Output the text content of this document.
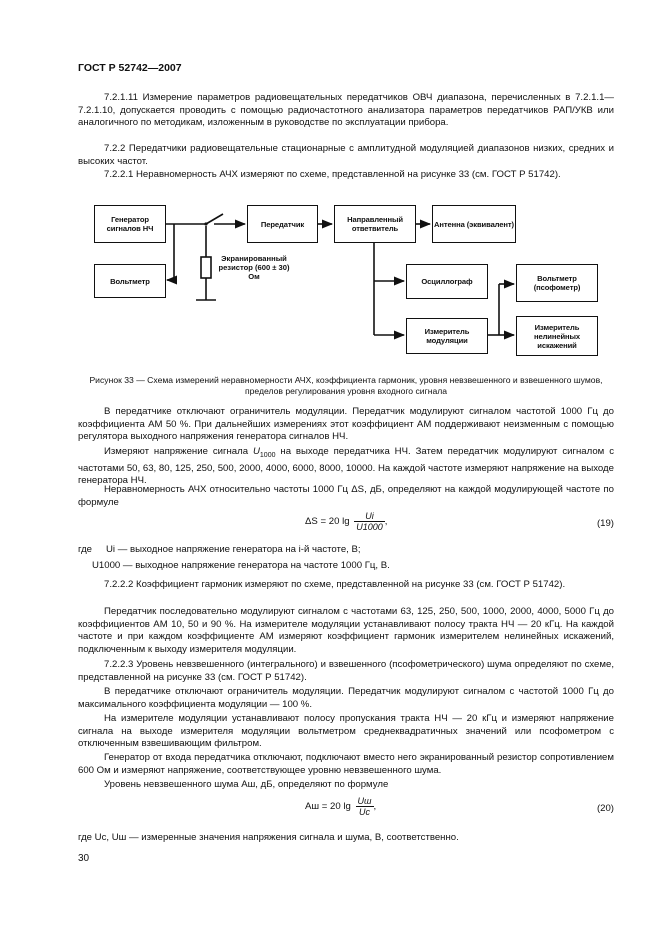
ГОСТ Р 52742—2007

7.2.1.11 Измерение параметров радиовещательных передатчиков ОВЧ диапазона, перечисленных в 7.2.1.1—7.2.1.10, допускается проводить с помощью радиочастотного анализатора параметров передатчиков РАП/УКВ или аналогичного по методикам, изложенным в руководстве по эксплуатации прибора.

7.2.2 Передатчики радиовещательные стационарные с амплитудной модуляцией диапазонов низких, средних и высоких частот.

7.2.2.1 Неравномерность АЧХ измеряют по схеме, представленной на рисунке 33 (см. ГОСТ Р 51742).

Генератор сигналов НЧ	Передатчик	Направленный ответвитель	Антенна (эквивалент)
Вольтметр
Экранированный резистор (600 ± 30) Ом
Осциллограф	Вольтметр (псофометр)
Измеритель модуляции
Измеритель нелинейных искажений
Рисунок 33 — Схема измерений неравномерности АЧХ, коэффициента гармоник, уровня невзвешенного и взвешенного шумов, пределов регулирования уровня входного сигнала

В передатчике отключают ограничитель модуляции. Передатчик модулируют сигналом частотой 1000 Гц до коэффициента АМ 50 %. При дальнейших измерениях этот коэффициент АМ поддерживают неизменным с помощью регулятора выходного напряжения генератора сигналов НЧ.

Измеряют напряжение сигнала $U_{1000}$ на выходе передатчика НЧ. Затем передатчик модулируют сигналом с частотами 50, 63, 80, 125, 250, 500, 2000, 4000, 6000, 8000, 10000. На каждой частоте измеряют напряжение на выходе генератора НЧ.

Неравномерность АЧХ относительно частоты 1000 Гц ΔS, дБ, определяют на каждой модулирующей частоте по формуле

ΔS = 20 $\lg \frac{Ui}{U1000}$ ,	(19)
где Ui — выходное напряжение генератора на i-й частоте, В;
U1000 — выходное напряжение генератора на частоте 1000 Гц, В.

7.2.2.2 Коэффициент гармоник измеряют по схеме, представленной на рисунке 33 (см. ГОСТ Р 51742).

Передатчик последовательно модулируют сигналом с частотами 63, 125, 250, 500, 1000, 2000, 4000, 5000 Гц до коэффициентов АМ 10, 50 и 90 %. На измерителе модуляции устанавливают полосу тракта НЧ — 20 кГц. На каждой частоте и при каждом коэффициенте АМ измеряют коэффициент гармоник измерителем нелинейных искажений, подключенным к выходу измерителя модуляции.

7.2.2.3 Уровень невзвешенного (интегрального) и взвешенного (псофометрического) шума определяют по схеме, представленной на рисунке 33 (см. ГОСТ Р 51742).

В передатчике отключают ограничитель модуляции. Передатчик модулируют сигналом с частотой 1000 Гц до максимального коэффициента модуляции — 100 %.

На измерителе модуляции устанавливают полосу пропускания тракта НЧ — 20 кГц и измеряют напряжение сигнала на выходе измерителя модуляции вольтметром среднеквадратичных значений или псофометром с отключенным взвешивающим фильтром.

Генератор от входа передатчика отключают, подключают вместо него экранированный резистор сопротивлением 600 Ом и измеряют напряжение, соответствующее уровню невзвешенного шума.

Уровень невзвешенного шума Aш, дБ, определяют по формуле

Aш = 20 $\lg \frac{Uш}{Uс}$ ,	(20)

где Uс, Uш — измеренные значения напряжения сигнала и шума, В, соответственно.

30
